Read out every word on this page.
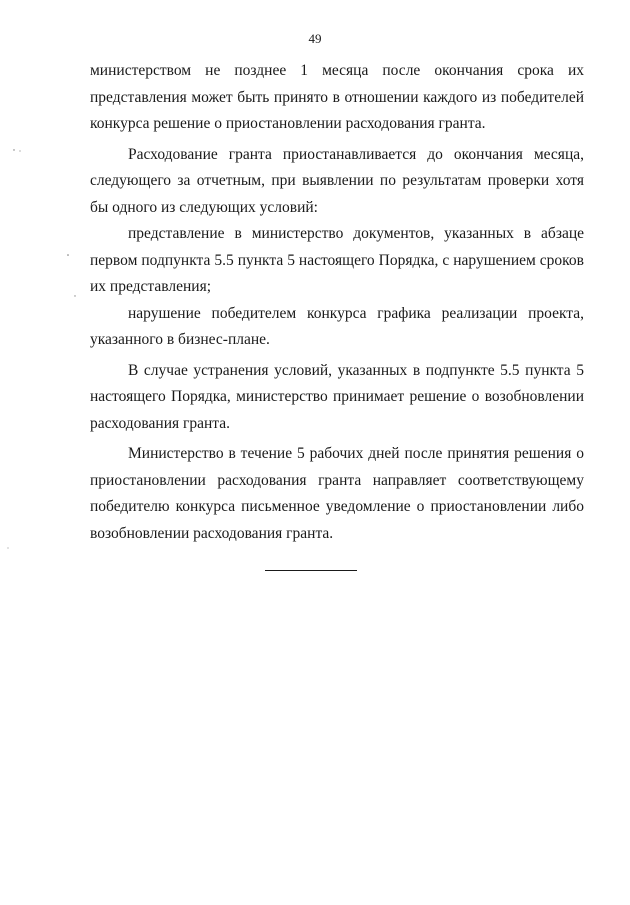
49

министерством не позднее 1 месяца после окончания срока их представления может быть принято в отношении каждого из победителей конкурса решение о приостановлении расходования гранта.

Расходование гранта приостанавливается до окончания месяца, следующего за отчетным, при выявлении по результатам проверки хотя бы одного из следующих условий:

представление в министерство документов, указанных в абзаце первом подпункта 5.5 пункта 5 настоящего Порядка, с нарушением сроков их представления;

нарушение победителем конкурса графика реализации проекта, указанного в бизнес-плане.

В случае устранения условий, указанных в подпункте 5.5 пункта 5 настоящего Порядка, министерство принимает решение о возобновлении расходования гранта.

Министерство в течение 5 рабочих дней после принятия решения о приостановлении расходования гранта направляет соответствующему победителю конкурса письменное уведомление о приостановлении либо возобновлении расходования гранта.
